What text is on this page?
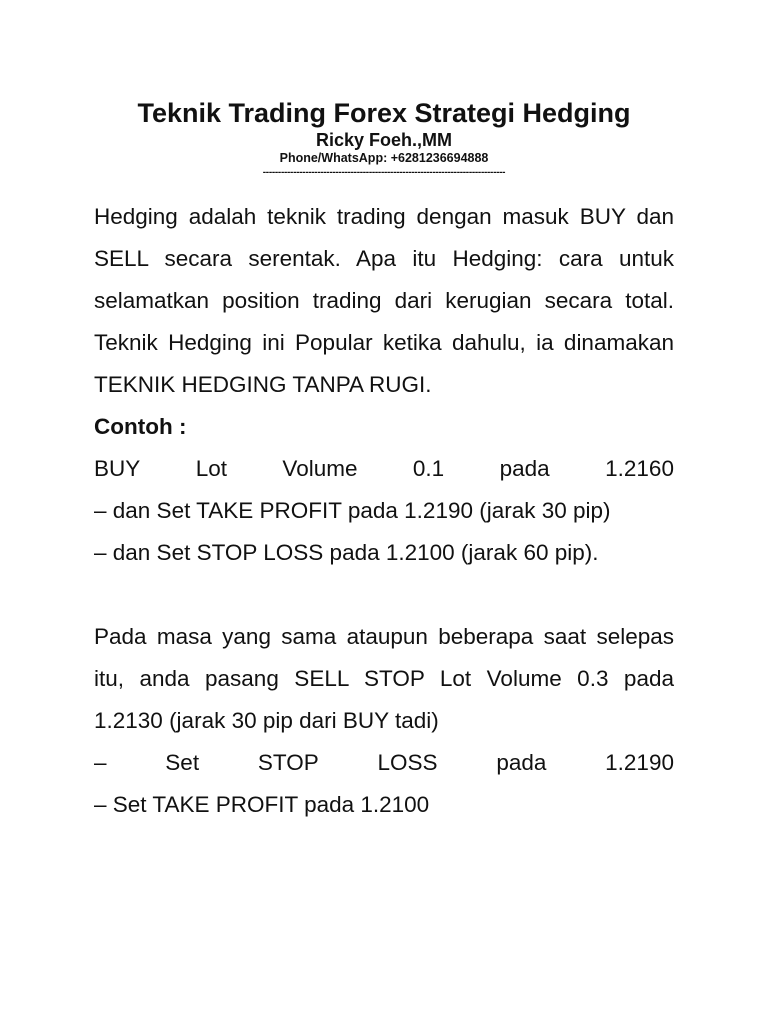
Teknik Trading Forex Strategi Hedging

Ricky Foeh.,MM

Phone/WhatsApp: +6281236694888

--------------------------------------------------------------------------------

Hedging adalah teknik trading dengan masuk BUY dan SELL secara serentak. Apa itu Hedging: cara untuk selamatkan position trading dari kerugian secara total. Teknik Hedging ini Popular ketika dahulu, ia dinamakan TEKNIK HEDGING TANPA RUGI.

Contoh :

BUY Lot Volume 0.1 pada 1.2160

– dan Set TAKE PROFIT pada 1.2190 (jarak 30 pip)

– dan Set STOP LOSS pada 1.2100 (jarak 60 pip).

Pada masa yang sama ataupun beberapa saat selepas itu, anda pasang SELL STOP Lot Volume 0.3 pada 1.2130 (jarak 30 pip dari BUY tadi)

–	Set	STOP	LOSS	pada	1.2190

– Set TAKE PROFIT pada 1.2100
